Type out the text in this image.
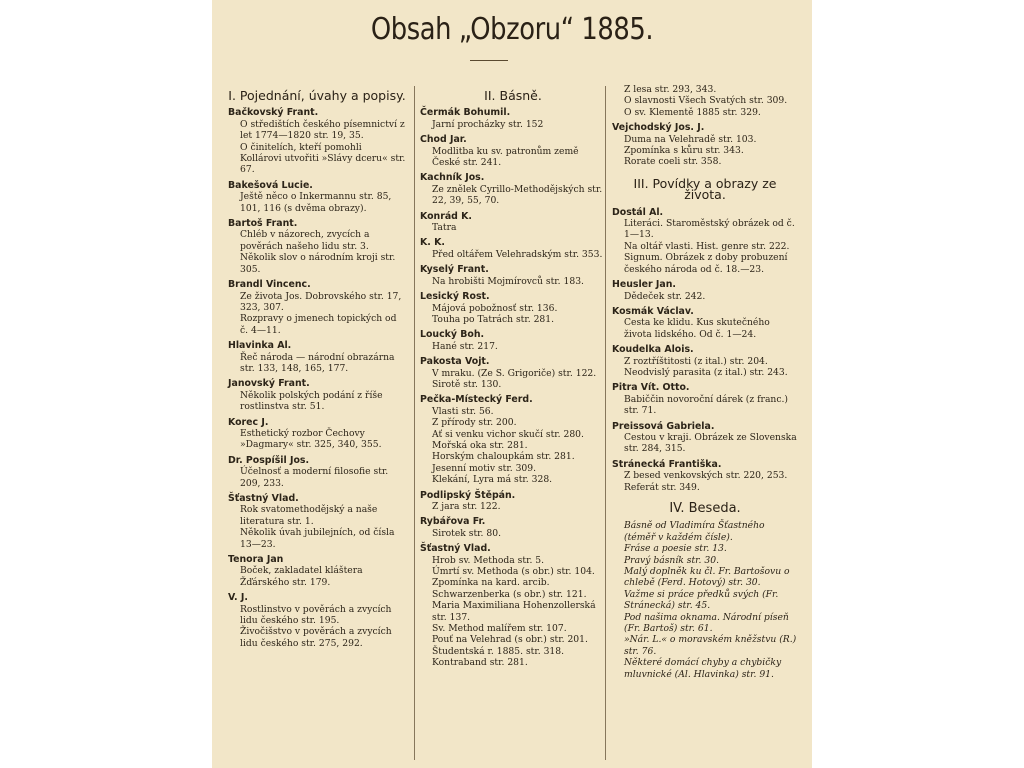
Obsah „Obzoru“ 1885.
I. Pojednání, úvahy a popisy.
Bačkovský Frant.
O středištích českého písemnictví z let 1774—1820 str. 19, 35.
O činitelích, kteří pomohli Kollárovi utvořiti »Slávy dceru« str. 67.
Bakešová Lucie.
Ještě něco o Inkermannu str. 85, 101, 116 (s dvěma obrazy).
Bartoš Frant.
Chléb v názorech, zvycích a pověrách našeho lidu str. 3.
Několik slov o národním kroji str. 305.
Brandl Vincenc.
Ze života Jos. Dobrovského str. 17, 323, 307.
Rozpravy o jmenech topických od č. 4—11.
Hlavinka Al.
Řeč národa — národní obrazárna str. 133, 148, 165, 177.
Janovský Frant.
Několik polských podání z říše rostlinstva str. 51.
Korec J.
Esthetický rozbor Čechovy »Dagmary« str. 325, 340, 355.
Dr. Pospíšil Jos.
Účelnosť a moderní filosofie str. 209, 233.
Šťastný Vlad.
Rok svatomethodějský a naše literatura str. 1.
Několik úvah jubilejních, od čísla 13—23.
Tenora Jan
Boček, zakladatel kláštera Žďárského str. 179.
V. J.
Rostlinstvo v pověrách a zvycích lidu českého str. 195.
Živočišstvo v pověrách a zvycích lidu českého str. 275, 292.
II. Básně.
Čermák Bohumil.
Jarní procházky str. 152
Chod Jar.
Modlitba ku sv. patronům země České str. 241.
Kachník Jos.
Ze znělek Cyrillo-Methodějských str. 22, 39, 55, 70.
Konrád K.
Tatra
K. K.
Před oltářem Velehradským str. 353.
Kyselý Frant.
Na hrobišti Mojmírovců str. 183.
Lesický Rost.
Májová pobožnosť str. 136.
Touha po Tatrách str. 281.
Loucký Boh.
Hané str. 217.
Pakosta Vojt.
V mraku. (Ze S. Grigoriče) str. 122.
Sirotě str. 130.
Pečka-Místecký Ferd.
Vlasti str. 56.
Z přírody str. 200.
Ať si venku vichor skučí str. 280.
Mořská oka str. 281.
Horským chaloupkám str. 281.
Jesenní motiv str. 309.
Klekání, Lyra má str. 328.
Podlipský Štěpán.
Z jara str. 122.
Rybářova Fr.
Sirotek str. 80.
Šťastný Vlad.
Hrob sv. Methoda str. 5.
Úmrtí sv. Methoda (s obr.) str. 104.
Zpomínka na kard. arcib. Schwarzenberka (s obr.) str. 121.
Maria Maximiliana Hohenzollerská str. 137.
Sv. Method malířem str. 107.
Pouť na Velehrad (s obr.) str. 201.
Študentská r. 1885. str. 318.
Kontraband str. 281.
Z lesa str. 293, 343.
O slavnosti Všech Svatých str. 309.
O sv. Klementě 1885 str. 329.
Vejchodský Jos. J.
Duma na Velehradě str. 103.
Zpomínka s kůru str. 343.
Rorate coeli str. 358.
III. Povídky a obrazy ze života.
Dostál Al.
Literáci. Staroměstský obrázek od č. 1—13.
Na oltář vlasti. Hist. genre str. 222.
Signum. Obrázek z doby probuzení českého národa od č. 18.—23.
Heusler Jan.
Dědeček str. 242.
Kosmák Václav.
Cesta ke klidu. Kus skutečného života lidského. Od č. 1—24.
Koudelka Alois.
Z roztříštitosti (z ital.) str. 204.
Neodvislý parasita (z ital.) str. 243.
Pitra Vít. Otto.
Babiččin novoroční dárek (z franc.) str. 71.
Preissová Gabriela.
Cestou v kraji. Obrázek ze Slovenska str. 284, 315.
Stránecká Františka.
Z besed venkovských str. 220, 253.
Referát str. 349.
IV. Beseda.
Básně od Vladimíra Šťastného (téměř v každém čísle).
Fráse a poesie str. 13.
Pravý básník str. 30.
Malý doplněk ku čl. Fr. Bartošovu o chlebě (Ferd. Hotový) str. 30.
Važme si práce předků svých (Fr. Stránecká) str. 45.
Pod našima oknama. Národní píseň (Fr. Bartoš) str. 61.
»Nár. L.« o moravském kněžstvu (R.) str. 76.
Některé domácí chyby a chybičky mluvnické (Al. Hlavinka) str. 91.
